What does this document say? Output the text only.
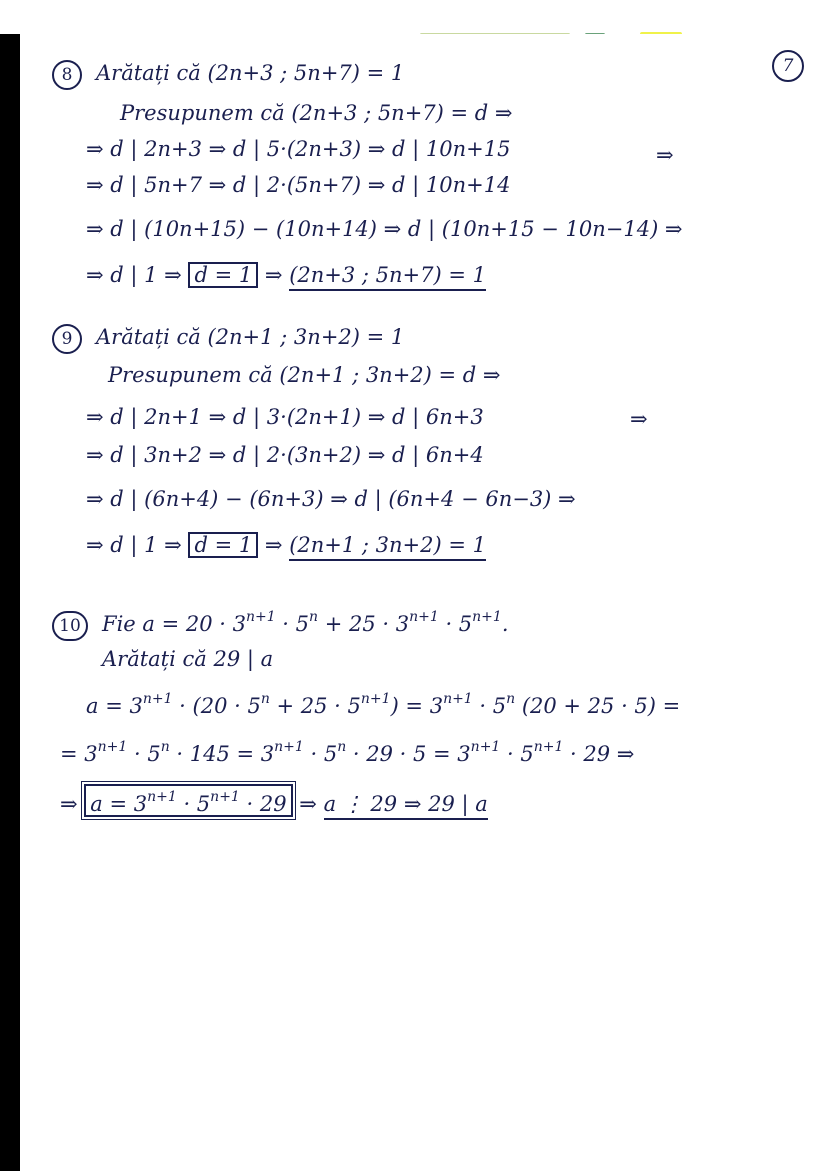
7
8 Arătați că (2n+3 ; 5n+7) = 1
Presupunem că (2n+3 ; 5n+7) = d ⇒
⇒ d | 2n+3 ⇒ d | 5·(2n+3) ⇒ d | 10n+15	⇒
⇒ d | 5n+7 ⇒ d | 2·(5n+7) ⇒ d | 10n+14
⇒ d | (10n+15) − (10n+14) ⇒ d | (10n+15 − 10n−14) ⇒
⇒ d | 1 ⇒ d = 1 ⇒ (2n+3 ; 5n+7) = 1
9 Arătați că (2n+1 ; 3n+2) = 1
Presupunem că (2n+1 ; 3n+2) = d ⇒
⇒ d | 2n+1 ⇒ d | 3·(2n+1) ⇒ d | 6n+3	⇒
⇒ d | 3n+2 ⇒ d | 2·(3n+2) ⇒ d | 6n+4
⇒ d | (6n+4) − (6n+3) ⇒ d | (6n+4 − 6n−3) ⇒
⇒ d | 1 ⇒ d = 1 ⇒ (2n+1 ; 3n+2) = 1
10 Fie $a = 20 \cdot 3^{n+1} \cdot 5^n + 25 \cdot 3^{n+1} \cdot 5^{n+1}$.
Arătați că 29 | a
$a = 3^{n+1} \cdot (20 \cdot 5^n + 25 \cdot 5^{n+1}) = 3^{n+1} \cdot 5^n$ (20 + 25 · 5) =
= $3^{n+1} \cdot 5^n \cdot 145 = 3^{n+1} \cdot 5^n \cdot 29 \cdot 5 = 3^{n+1} \cdot 5^{n+1} \cdot 29$ ⇒
⇒ $a = 3^{n+1} \cdot 5^{n+1} \cdot 29$ ⇒ a ⋮ 29 ⇒ 29 | a
